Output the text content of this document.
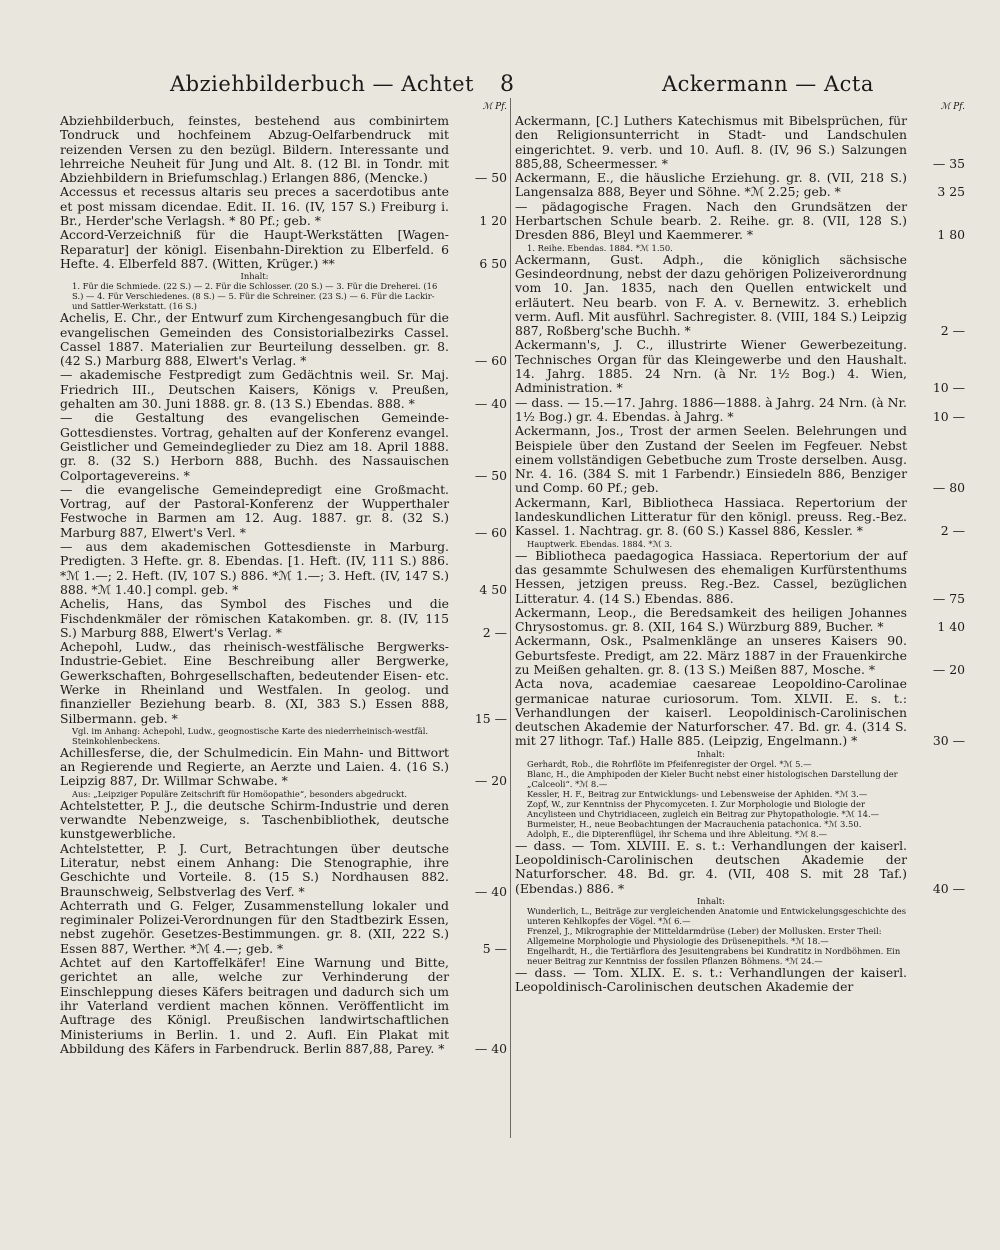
Abziehbilderbuch — Achtet 8	Ackermann — Acta
ℳ Pf.
Abziehbilderbuch, feinstes, bestehend aus combinirtem Tondruck und hochfeinem Abzug-Oelfarbendruck mit reizenden Versen zu den bezügl. Bildern. Interessante und lehrreiche Neuheit für Jung und Alt. 8. (12 Bl. in Tondr. mit Abziehbildern in Briefumschlag.) Erlangen 886, (Mencke.)	— 50
Accessus et recessus altaris seu preces a sacerdotibus ante et post missam dicendae. Edit. II. 16. (IV, 157 S.) Freiburg i. Br., Herder'sche Verlagsh. * 80 Pf.; geb. *	1 20
Accord-Verzeichniß für die Haupt-Werkstätten [Wagen-Reparatur] der königl. Eisenbahn-Direktion zu Elberfeld. 6 Hefte. 4. Elberfeld 887. (Witten, Krüger.) **	6 50
Inhalt:
1. Für die Schmiede. (22 S.) — 2. Für die Schlosser. (20 S.) — 3. Für die Dreherei. (16 S.) — 4. Für Verschiedenes. (8 S.) — 5. Für die Schreiner. (23 S.) — 6. Für die Lackir- und Sattler-Werkstatt. (16 S.)
Achelis, E. Chr., der Entwurf zum Kirchengesangbuch für die evangelischen Gemeinden des Consistorialbezirks Cassel. Cassel 1887. Materialien zur Beurteilung desselben. gr. 8. (42 S.) Marburg 888, Elwert's Verlag. *	— 60
— akademische Festpredigt zum Gedächtnis weil. Sr. Maj. Friedrich III., Deutschen Kaisers, Königs v. Preußen, gehalten am 30. Juni 1888. gr. 8. (13 S.) Ebendas. 888. *	— 40
— die Gestaltung des evangelischen Gemeinde-Gottesdienstes. Vortrag, gehalten auf der Konferenz evangel. Geistlicher und Gemeindeglieder zu Diez am 18. April 1888. gr. 8. (32 S.) Herborn 888, Buchh. des Nassauischen Colportagevereins. *	— 50
— die evangelische Gemeindepredigt eine Großmacht. Vortrag, auf der Pastoral-Konferenz der Wupperthaler Festwoche in Barmen am 12. Aug. 1887. gr. 8. (32 S.) Marburg 887, Elwert's Verl. *	— 60
— aus dem akademischen Gottesdienste in Marburg. Predigten. 3 Hefte. gr. 8. Ebendas. [1. Heft. (IV, 111 S.) 886. *ℳ 1.—; 2. Heft. (IV, 107 S.) 886. *ℳ 1.—; 3. Heft. (IV, 147 S.) 888. *ℳ 1.40.] compl. geb. *	4 50
Achelis, Hans, das Symbol des Fisches und die Fischdenkmäler der römischen Katakomben. gr. 8. (IV, 115 S.) Marburg 888, Elwert's Verlag. *	2 —
Achepohl, Ludw., das rheinisch-westfälische Bergwerks-Industrie-Gebiet. Eine Beschreibung aller Bergwerke, Gewerkschaften, Bohrgesellschaften, bedeutender Eisen- etc. Werke in Rheinland und Westfalen. In geolog. und finanzieller Beziehung bearb. 8. (XI, 383 S.) Essen 888, Silbermann. geb. *	15 —
Vgl. im Anhang: Achepohl, Ludw., geognostische Karte des niederrheinisch-westfäl. Steinkohlenbeckens.
Achillesferse, die, der Schulmedicin. Ein Mahn- und Bittwort an Regierende und Regierte, an Aerzte und Laien. 4. (16 S.) Leipzig 887, Dr. Willmar Schwabe. *	— 20
Aus: „Leipziger Populäre Zeitschrift für Homöopathie“, besonders abgedruckt.
Achtelstetter, P. J., die deutsche Schirm-Industrie und deren verwandte Nebenzweige, s. Taschenbibliothek, deutsche kunstgewerbliche.
Achtelstetter, P. J. Curt, Betrachtungen über deutsche Literatur, nebst einem Anhang: Die Stenographie, ihre Geschichte und Vorteile. 8. (15 S.) Nordhausen 882. Braunschweig, Selbstverlag des Verf. *	— 40
Achterrath und G. Felger, Zusammenstellung lokaler und regiminaler Polizei-Verordnungen für den Stadtbezirk Essen, nebst zugehör. Gesetzes-Bestimmungen. gr. 8. (XII, 222 S.) Essen 887, Werther. *ℳ 4.—; geb. *	5 —
Achtet auf den Kartoffelkäfer! Eine Warnung und Bitte, gerichtet an alle, welche zur Verhinderung der Einschleppung dieses Käfers beitragen und dadurch sich um ihr Vaterland verdient machen können. Veröffentlicht im Auftrage des Königl. Preußischen landwirtschaftlichen Ministeriums in Berlin. 1. und 2. Aufl. Ein Plakat mit Abbildung des Käfers in Farbendruck. Berlin 887,88, Parey. *	— 40
ℳ Pf.
Ackermann, [C.] Luthers Katechismus mit Bibelsprüchen, für den Religionsunterricht in Stadt- und Landschulen eingerichtet. 9. verb. und 10. Aufl. 8. (IV, 96 S.) Salzungen 885,88, Scheermesser. *	— 35
Ackermann, E., die häusliche Erziehung. gr. 8. (VII, 218 S.) Langensalza 888, Beyer und Söhne. *ℳ 2.25; geb. *	3 25
— pädagogische Fragen. Nach den Grundsätzen der Herbartschen Schule bearb. 2. Reihe. gr. 8. (VII, 128 S.) Dresden 886, Bleyl und Kaemmerer. *	1 80
1. Reihe. Ebendas. 1884. *ℳ 1.50.
Ackermann, Gust. Adph., die königlich sächsische Gesindeordnung, nebst der dazu gehörigen Polizeiverordnung vom 10. Jan. 1835, nach den Quellen entwickelt und erläutert. Neu bearb. von F. A. v. Bernewitz. 3. erheblich verm. Aufl. Mit ausführl. Sachregister. 8. (VIII, 184 S.) Leipzig 887, Roßberg'sche Buchh. *	2 —
Ackermann's, J. C., illustrirte Wiener Gewerbezeitung. Technisches Organ für das Kleingewerbe und den Haushalt. 14. Jahrg. 1885. 24 Nrn. (à Nr. 1½ Bog.) 4. Wien, Administration. *	10 —
— dass. — 15.—17. Jahrg. 1886—1888. à Jahrg. 24 Nrn. (à Nr. 1½ Bog.) gr. 4. Ebendas. à Jahrg. *	10 —
Ackermann, Jos., Trost der armen Seelen. Belehrungen und Beispiele über den Zustand der Seelen im Fegfeuer. Nebst einem vollständigen Gebetbuche zum Troste derselben. Ausg. Nr. 4. 16. (384 S. mit 1 Farbendr.) Einsiedeln 886, Benziger und Comp. 60 Pf.; geb.	— 80
Ackermann, Karl, Bibliotheca Hassiaca. Repertorium der landeskundlichen Litteratur für den königl. preuss. Reg.-Bez. Kassel. 1. Nachtrag. gr. 8. (60 S.) Kassel 886, Kessler. *	2 —
Hauptwerk. Ebendas. 1884. *ℳ 3.
— Bibliotheca paedagogica Hassiaca. Repertorium der auf das gesammte Schulwesen des ehemaligen Kurfürstenthums Hessen, jetzigen preuss. Reg.-Bez. Cassel, bezüglichen Litteratur. 4. (14 S.) Ebendas. 886.	— 75
Ackermann, Leop., die Beredsamkeit des heiligen Johannes Chrysostomus. gr. 8. (XII, 164 S.) Würzburg 889, Bucher. *	1 40
Ackermann, Osk., Psalmenklänge an unseres Kaisers 90. Geburtsfeste. Predigt, am 22. März 1887 in der Frauenkirche zu Meißen gehalten. gr. 8. (13 S.) Meißen 887, Mosche. *	— 20
Acta nova, academiae caesareae Leopoldino-Carolinae germanicae naturae curiosorum. Tom. XLVII. E. s. t.: Verhandlungen der kaiserl. Leopoldinisch-Carolinischen deutschen Akademie der Naturforscher. 47. Bd. gr. 4. (314 S. mit 27 lithogr. Taf.) Halle 885. (Leipzig, Engelmann.) *	30 —
Inhalt:
Gerhardt, Rob., die Rohrflöte im Pfeifenregister der Orgel. *ℳ 5.—
Blanc, H., die Amphipoden der Kieler Bucht nebst einer histologischen Darstellung der „Calceoli“. *ℳ 8.—
Kessler, H. F., Beitrag zur Entwicklungs- und Lebensweise der Aphiden. *ℳ 3.—
Zopf, W., zur Kenntniss der Phycomyceten. I. Zur Morphologie und Biologie der Ancylisteen und Chytridiaceen, zugleich ein Beitrag zur Phytopathologie. *ℳ 14.—
Burmeister, H., neue Beobachtungen der Macrauchenia patachonica. *ℳ 3.50.
Adolph, E., die Dipterenflügel, ihr Schema und ihre Ableitung. *ℳ 8.—
— dass. — Tom. XLVIII. E. s. t.: Verhandlungen der kaiserl. Leopoldinisch-Carolinischen deutschen Akademie der Naturforscher. 48. Bd. gr. 4. (VII, 408 S. mit 28 Taf.) (Ebendas.) 886. *	40 —
Inhalt:
Wunderlich, L., Beiträge zur vergleichenden Anatomie und Entwickelungsgeschichte des unteren Kehlkopfes der Vögel. *ℳ 6.—
Frenzel, J., Mikrographie der Mitteldarmdrüse (Leber) der Mollusken. Erster Theil: Allgemeine Morphologie und Physiologie des Drüsenepithels. *ℳ 18.—
Engelhardt, H., die Tertiärflora des Jesuitengrabens bei Kundratitz in Nordböhmen. Ein neuer Beitrag zur Kenntniss der fossilen Pflanzen Böhmens. *ℳ 24.—
— dass. — Tom. XLIX. E. s. t.: Verhandlungen der kaiserl. Leopoldinisch-Carolinischen deutschen Akademie der
